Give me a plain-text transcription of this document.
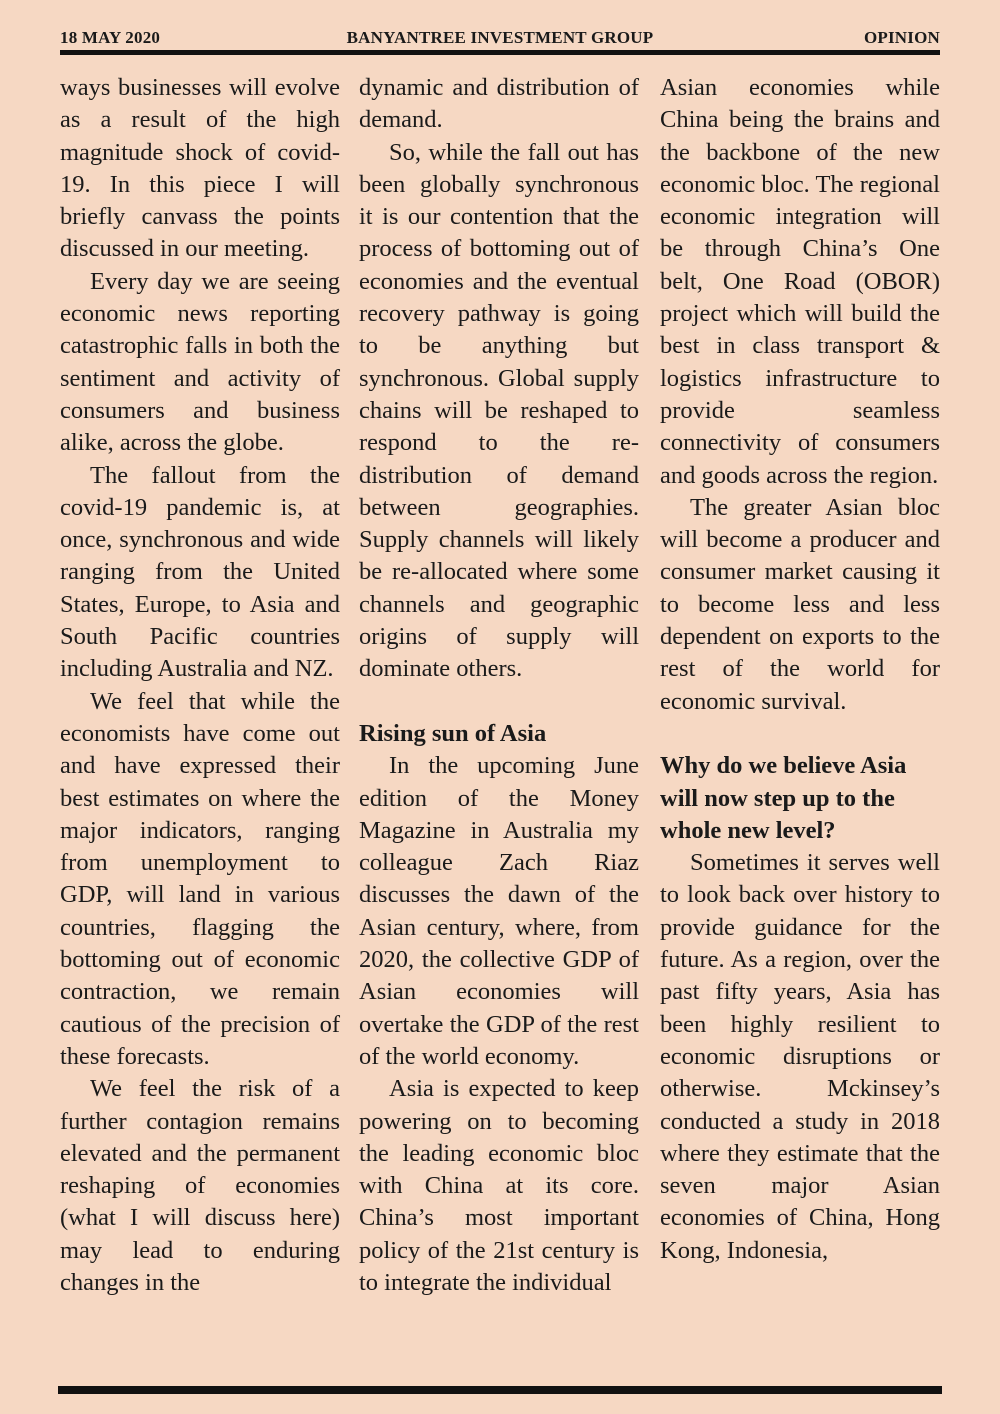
18 MAY 2020	BANYANTREE INVESTMENT GROUP	OPINION

ways businesses will evolve as a result of the high magnitude shock of covid-19. In this piece I will briefly canvass the points discussed in our meeting.

Every day we are seeing economic news reporting catastrophic falls in both the sentiment and activity of consumers and business alike, across the globe.

The fallout from the covid-19 pandemic is, at once, synchronous and wide ranging from the United States, Europe, to Asia and South Pacific countries including Australia and NZ.

We feel that while the economists have come out and have expressed their best estimates on where the major indicators, ranging from unemployment to GDP, will land in various countries, flagging the bottoming out of economic contraction, we remain cautious of the precision of these forecasts.

We feel the risk of a further contagion remains elevated and the permanent reshaping of economies (what I will discuss here) may lead to enduring changes in the

dynamic and distribution of demand.

So, while the fall out has been globally synchronous it is our contention that the process of bottoming out of economies and the eventual recovery pathway is going to be anything but synchronous. Global supply chains will be reshaped to respond to the re-distribution of demand between geographies. Supply channels will likely be re-allocated where some channels and geographic origins of supply will dominate others.

Rising sun of Asia

In the upcoming June edition of the Money Magazine in Australia my colleague Zach Riaz discusses the dawn of the Asian century, where, from 2020, the collective GDP of Asian economies will overtake the GDP of the rest of the world economy.

Asia is expected to keep powering on to becoming the leading economic bloc with China at its core. China’s most important policy of the 21st century is to integrate the individual

Asian economies while China being the brains and the backbone of the new economic bloc. The regional economic integration will be through China’s One belt, One Road (OBOR) project which will build the best in class transport & logistics infrastructure to provide seamless connectivity of consumers and goods across the region.

The greater Asian bloc will become a producer and consumer market causing it to become less and less dependent on exports to the rest of the world for economic survival.

Why do we believe Asia will now step up to the whole new level?

Sometimes it serves well to look back over history to provide guidance for the future. As a region, over the past fifty years, Asia has been highly resilient to economic disruptions or otherwise. Mckinsey’s conducted a study in 2018 where they estimate that the seven major Asian economies of China, Hong Kong, Indonesia,
